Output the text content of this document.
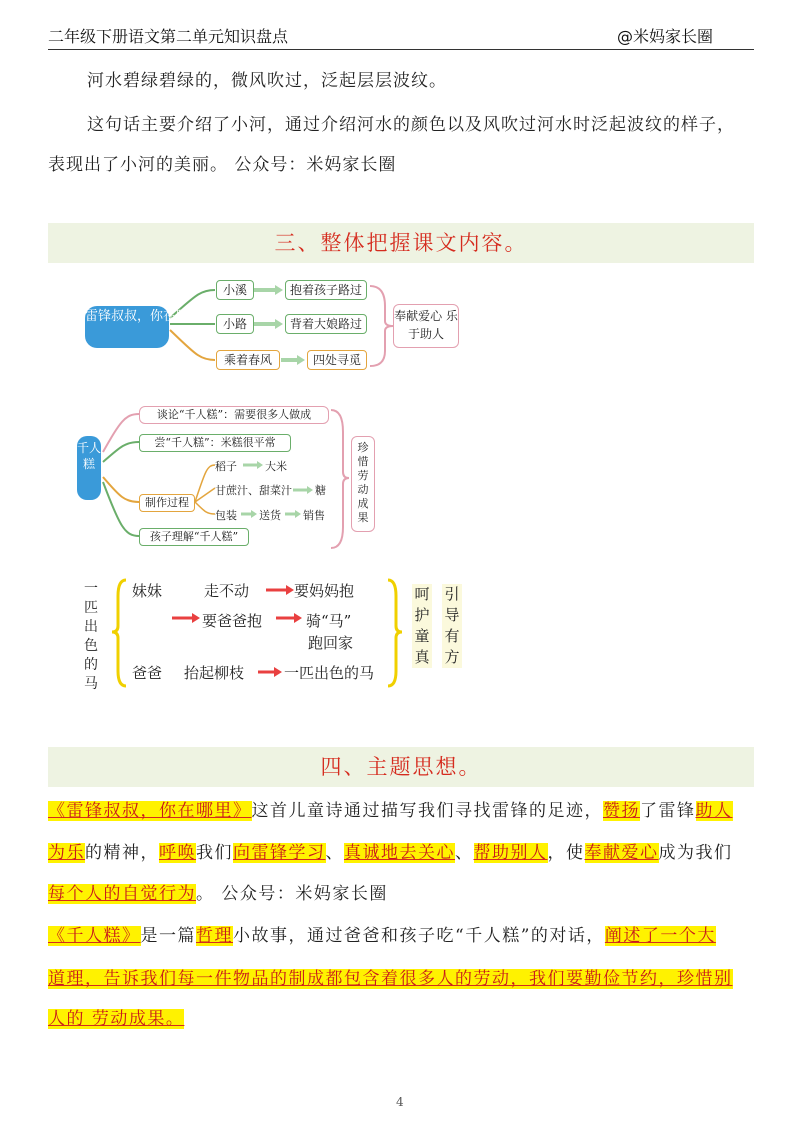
二年级下册语文第二单元知识盘点	@米妈家长圈
河水碧绿碧绿的，微风吹过，泛起层层波纹。
这句话主要介绍了小河，通过介绍河水的颜色以及风吹过河水时泛起波纹的样子，
表现出了小河的美丽。 公众号：米妈家长圈
三、整体把握课文内容。
雷锋叔叔，你在哪里
小溪	抱着孩子路过
小路	背着大娘路过
乘着春风	四处寻觅
奉献爱心 乐于助人
千人糕
谈论“千人糕”：需要很多人做成
尝“千人糕”：米糕很平常
制作过程
孩子理解“千人糕”
稻子	大米
甘蔗汁、甜菜汁 糖
包装 送货 销售
珍惜劳动成果
一匹出色的马
妹妹	走不动	要妈妈抱
要爸爸抱	骑“马”
跑回家
爸爸 抬起柳枝	一匹出色的马
呵护童真
引导有方
四、主题思想。
《雷锋叔叔，你在哪里》这首儿童诗通过描写我们寻找雷锋的足迹，赞扬了雷锋助人
为乐的精神，呼唤我们向雷锋学习、真诚地去关心、帮助别人，使奉献爱心成为我们
每个人的自觉行为。 公众号：米妈家长圈
《千人糕》是一篇哲理小故事，通过爸爸和孩子吃“千人糕”的对话，阐述了一个大
道理，告诉我们每一件物品的制成都包含着很多人的劳动，我们要勤俭节约，珍惜别
人的 劳动成果。
4
